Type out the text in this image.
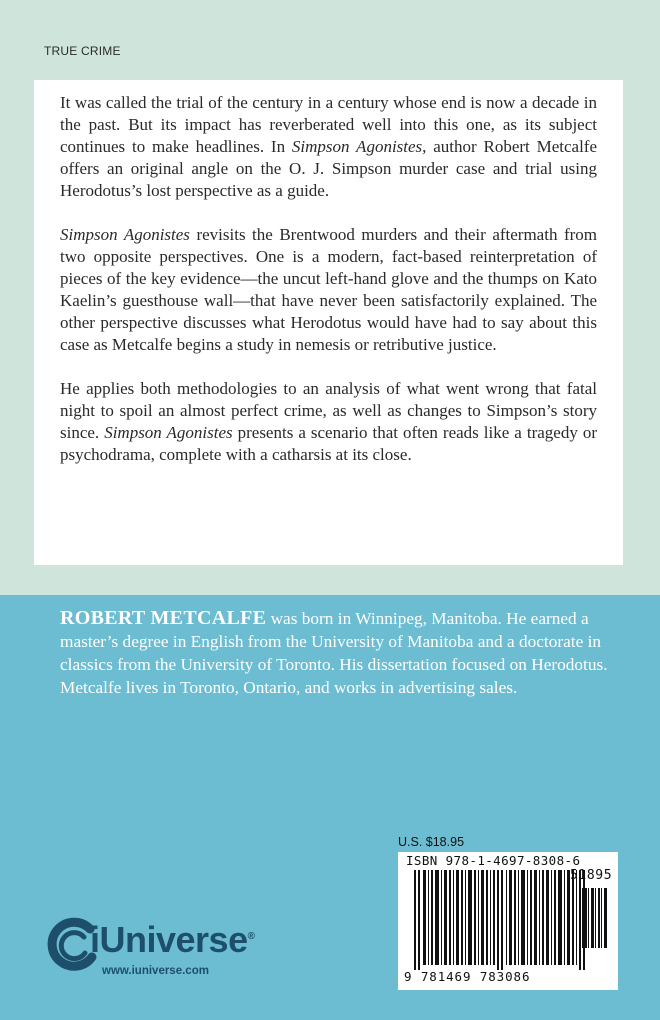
TRUE CRIME

It was called the trial of the century in a century whose end is now a decade in the past. But its impact has reverberated well into this one, as its subject continues to make headlines. In Simpson Agonistes, author Robert Metcalfe offers an original angle on the O. J. Simpson murder case and trial using Herodotus’s lost perspective as a guide.

Simpson Agonistes revisits the Brentwood murders and their aftermath from two opposite perspectives. One is a modern, fact-based reinterpretation of pieces of the key evidence—the uncut left-hand glove and the thumps on Kato Kaelin’s guesthouse wall—that have never been satisfactorily explained. The other perspective discusses what Herodotus would have had to say about this case as Metcalfe begins a study in nemesis or retributive justice.

He applies both methodologies to an analysis of what went wrong that fatal night to spoil an almost perfect crime, as well as changes to Simpson’s story since. Simpson Agonistes presents a scenario that often reads like a tragedy or psychodrama, complete with a catharsis at its close.

ROBERT METCALFE was born in Winnipeg, Manitoba. He earned a master’s degree in English from the University of Manitoba and a doctorate in classics from the University of Toronto. His dissertation focused on Herodotus. Metcalfe lives in Toronto, Ontario, and works in advertising sales.
U.S. $18.95
ISBN 978-1-4697-8308-6
51895
9 781469 783086
iUniverse®
www.iuniverse.com
